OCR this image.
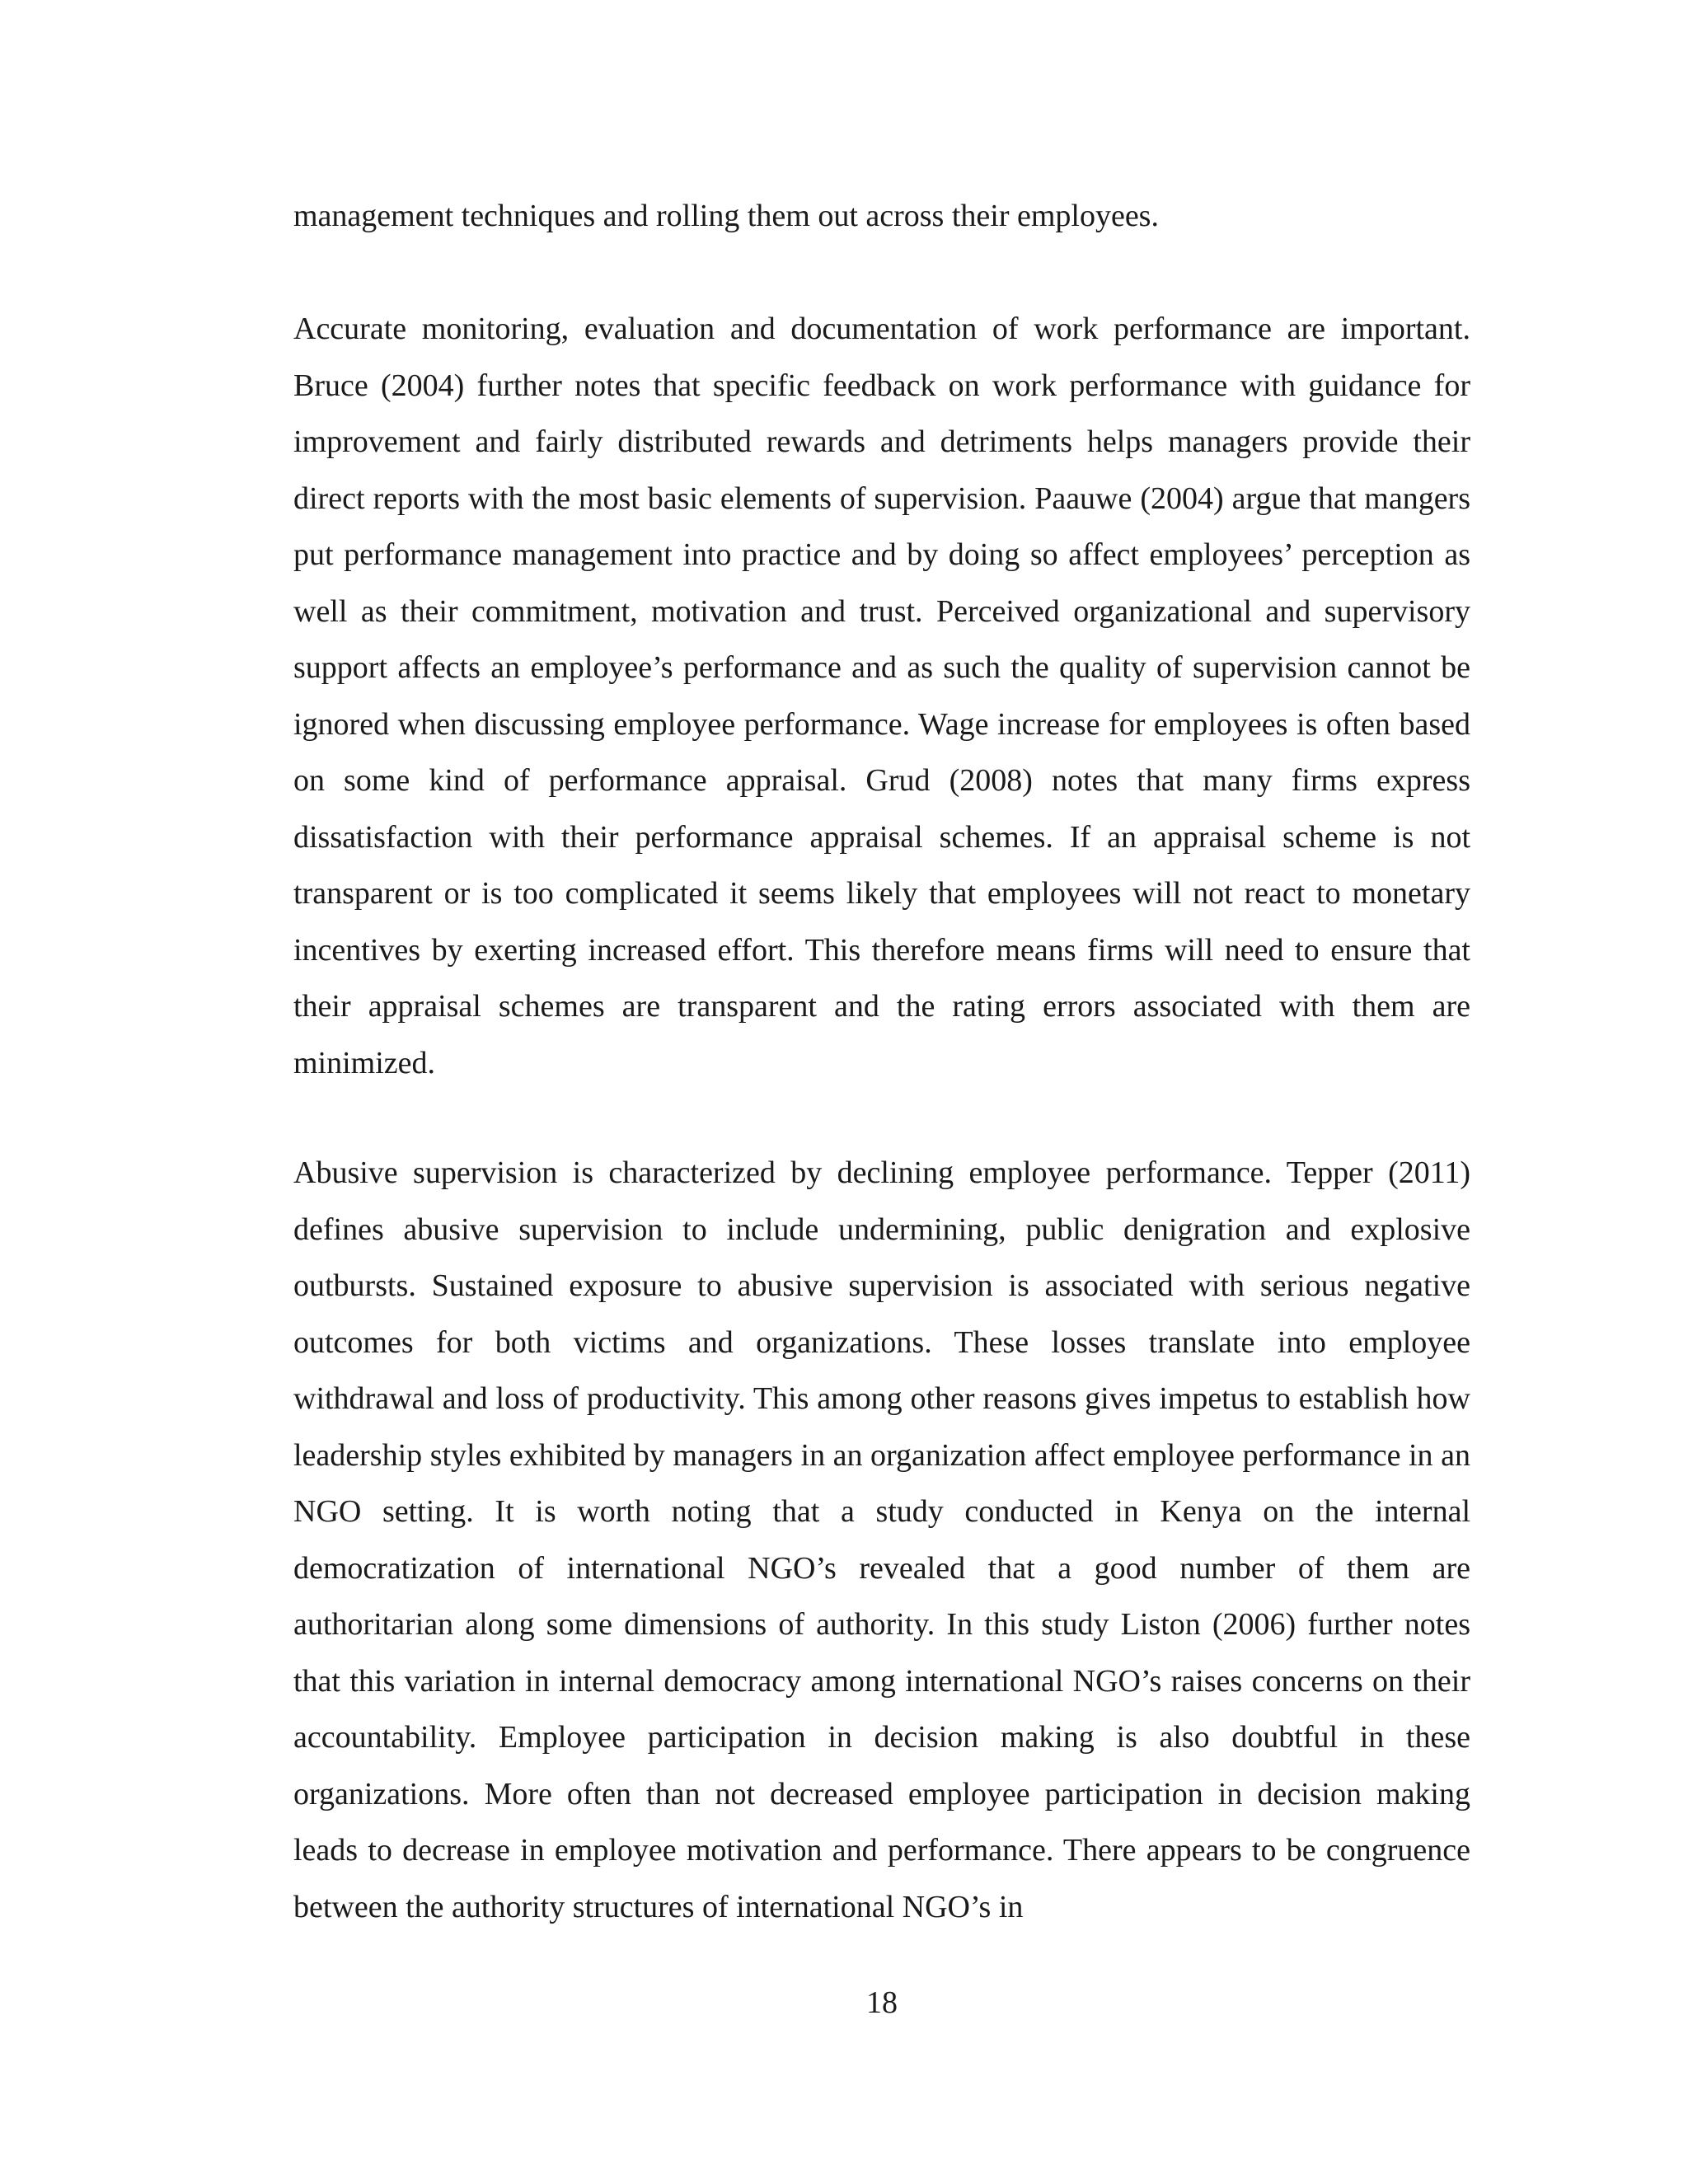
management techniques and rolling them out across their employees.

Accurate monitoring, evaluation and documentation of work performance are important. Bruce (2004) further notes that specific feedback on work performance with guidance for improvement and fairly distributed rewards and detriments helps managers provide their direct reports with the most basic elements of supervision. Paauwe (2004) argue that mangers put performance management into practice and by doing so affect employees’ perception as well as their commitment, motivation and trust. Perceived organizational and supervisory support affects an employee’s performance and as such the quality of supervision cannot be ignored when discussing employee performance. Wage increase for employees is often based on some kind of performance appraisal. Grud (2008) notes that many firms express dissatisfaction with their performance appraisal schemes. If an appraisal scheme is not transparent or is too complicated it seems likely that employees will not react to monetary incentives by exerting increased effort. This therefore means firms will need to ensure that their appraisal schemes are transparent and the rating errors associated with them are minimized.

Abusive supervision is characterized by declining employee performance. Tepper (2011) defines abusive supervision to include undermining, public denigration and explosive outbursts. Sustained exposure to abusive supervision is associated with serious negative outcomes for both victims and organizations. These losses translate into employee withdrawal and loss of productivity. This among other reasons gives impetus to establish how leadership styles exhibited by managers in an organization affect employee performance in an NGO setting. It is worth noting that a study conducted in Kenya on the internal democratization of international NGO’s revealed that a good number of them are authoritarian along some dimensions of authority. In this study Liston (2006) further notes that this variation in internal democracy among international NGO’s raises concerns on their accountability. Employee participation in decision making is also doubtful in these organizations. More often than not decreased employee participation in decision making leads to decrease in employee motivation and performance. There appears to be congruence between the authority structures of international NGO’s in

18
